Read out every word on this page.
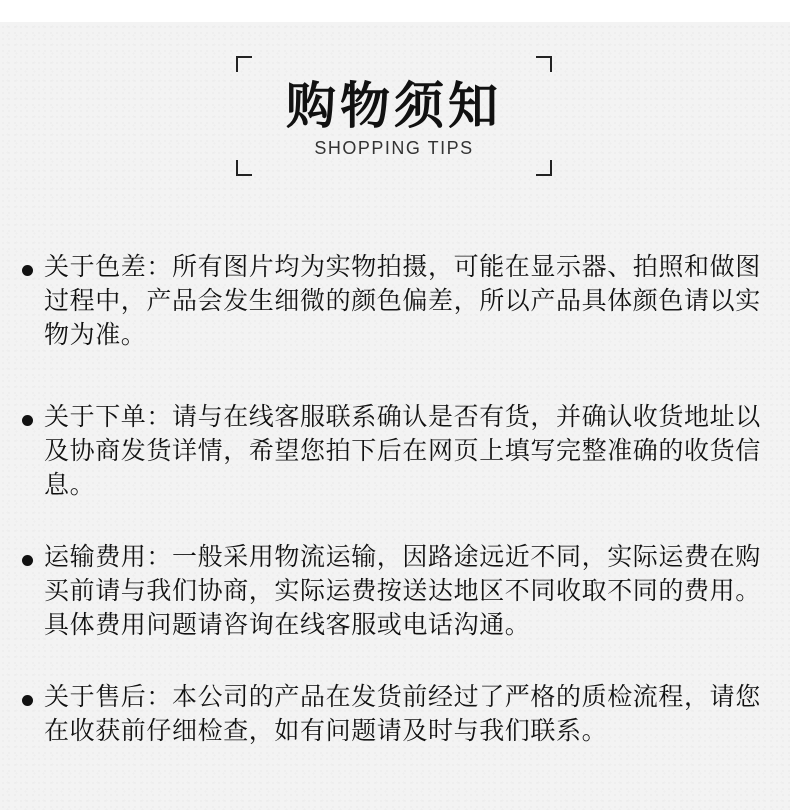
购物须知
SHOPPING TIPS

关于色差：所有图片均为实物拍摄，可能在显示器、拍照和做图过程中，产品会发生细微的颜色偏差，所以产品具体颜色请以实物为准。

关于下单：请与在线客服联系确认是否有货，并确认收货地址以及协商发货详情，希望您拍下后在网页上填写完整准确的收货信息。

运输费用：一般采用物流运输，因路途远近不同，实际运费在购买前请与我们协商，实际运费按送达地区不同收取不同的费用。具体费用问题请咨询在线客服或电话沟通。

关于售后：本公司的产品在发货前经过了严格的质检流程，请您在收获前仔细检查，如有问题请及时与我们联系。
